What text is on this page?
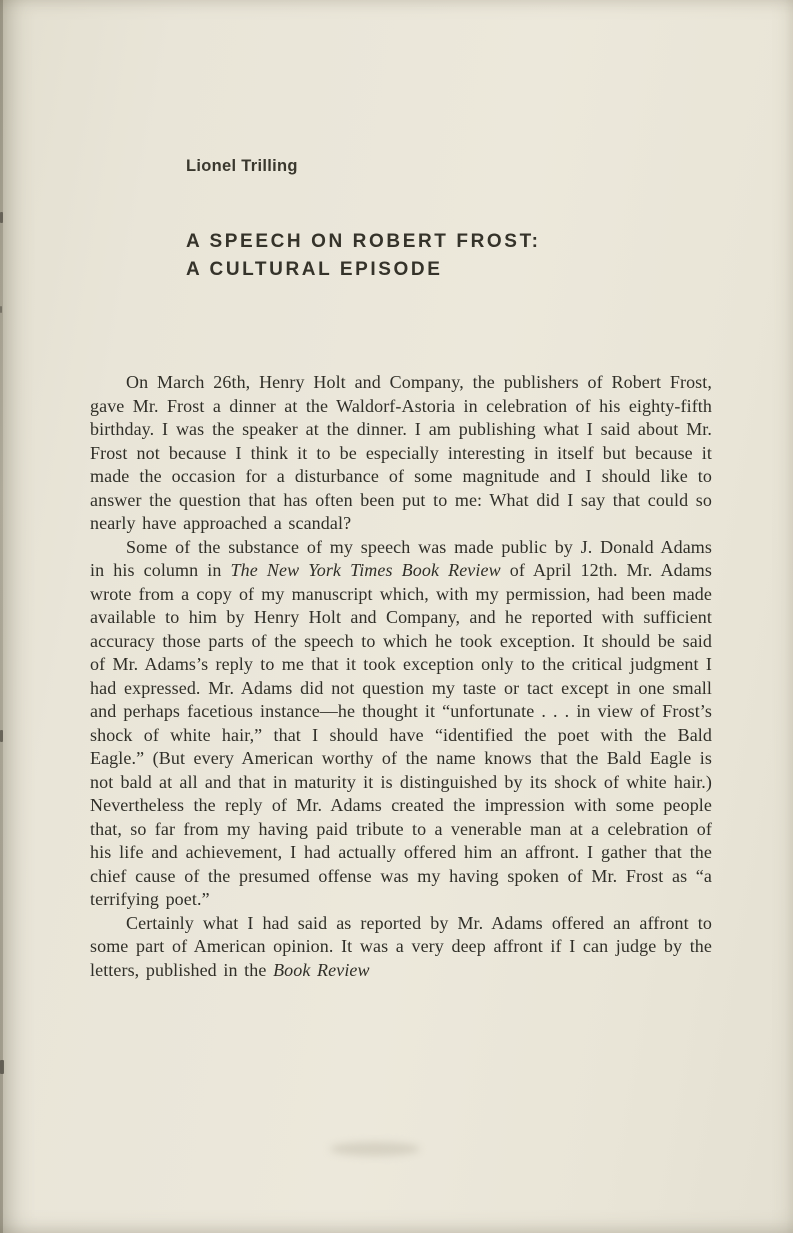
Lionel Trilling
A SPEECH ON ROBERT FROST:
A CULTURAL EPISODE

On March 26th, Henry Holt and Company, the publishers of Robert Frost, gave Mr. Frost a dinner at the Waldorf-Astoria in celebration of his eighty-fifth birthday. I was the speaker at the dinner. I am publishing what I said about Mr. Frost not because I think it to be especially interesting in itself but because it made the occasion for a disturbance of some magnitude and I should like to answer the question that has often been put to me: What did I say that could so nearly have approached a scandal?

Some of the substance of my speech was made public by J. Donald Adams in his column in The New York Times Book Review of April 12th. Mr. Adams wrote from a copy of my manuscript which, with my permission, had been made available to him by Henry Holt and Company, and he reported with sufficient accuracy those parts of the speech to which he took exception. It should be said of Mr. Adams’s reply to me that it took exception only to the critical judgment I had expressed. Mr. Adams did not question my taste or tact except in one small and perhaps facetious instance—he thought it “unfortunate . . . in view of Frost’s shock of white hair,” that I should have “identified the poet with the Bald Eagle.” (But every American worthy of the name knows that the Bald Eagle is not bald at all and that in maturity it is distinguished by its shock of white hair.) Nevertheless the reply of Mr. Adams created the impression with some people that, so far from my having paid tribute to a venerable man at a celebration of his life and achievement, I had actually offered him an affront. I gather that the chief cause of the presumed offense was my having spoken of Mr. Frost as “a terrifying poet.”

Certainly what I had said as reported by Mr. Adams offered an affront to some part of American opinion. It was a very deep affront if I can judge by the letters, published in the Book Review
